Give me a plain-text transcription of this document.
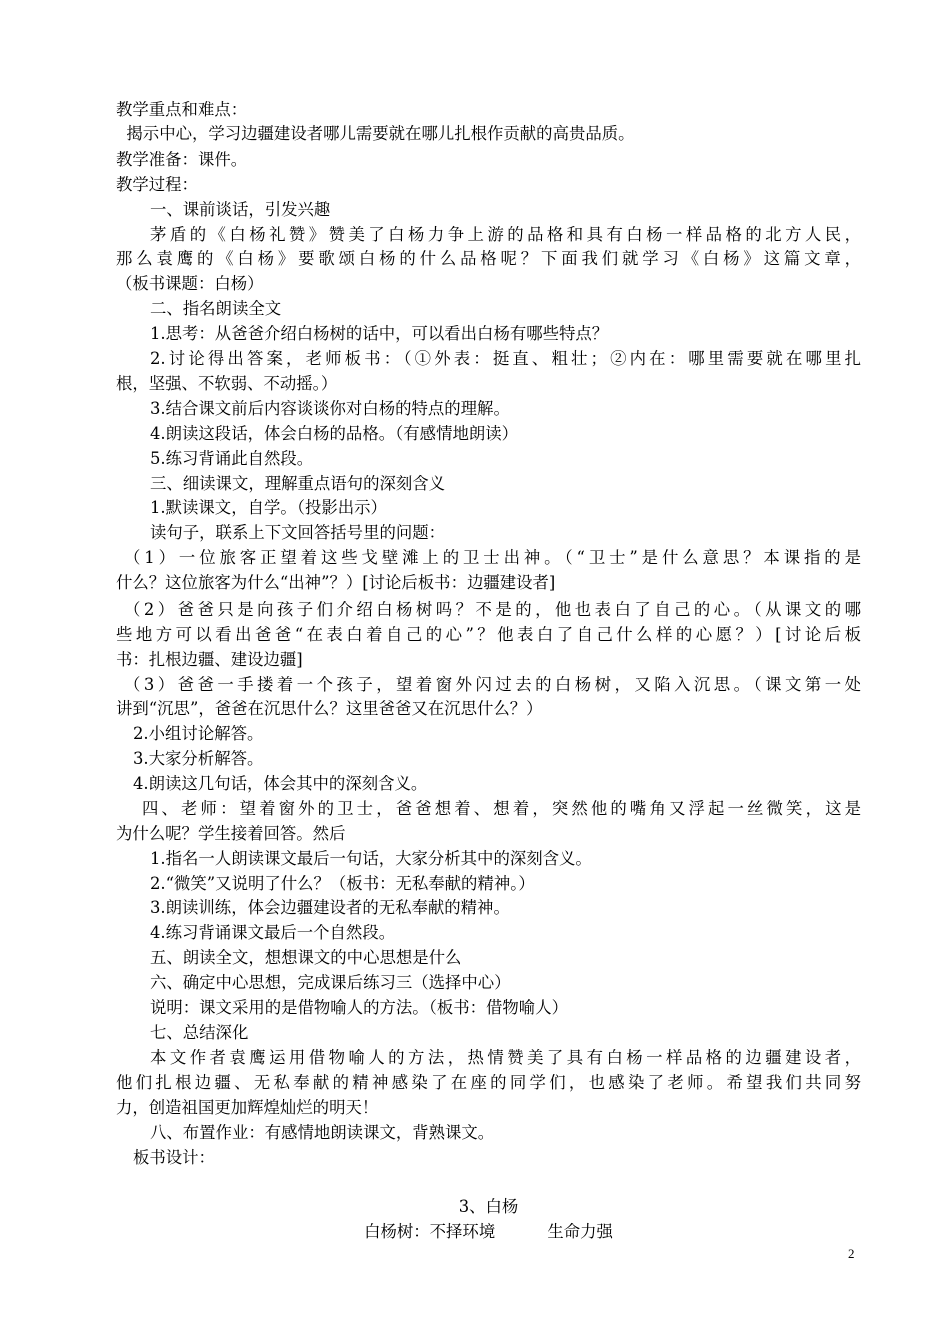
教学重点和难点：
揭示中心，学习边疆建设者哪儿需要就在哪儿扎根作贡献的高贵品质。
教学准备：课件。
教学过程：
一、课前谈话，引发兴趣
茅盾的《白杨礼赞》赞美了白杨力争上游的品格和具有白杨一样品格的北方人民，
那么袁鹰的《白杨》要歌颂白杨的什么品格呢？下面我们就学习《白杨》这篇文章，
（板书课题：白杨）
二、指名朗读全文
1.思考：从爸爸介绍白杨树的话中，可以看出白杨有哪些特点？
2.讨论得出答案，老师板书：（①外表：挺直、粗壮；②内在：哪里需要就在哪里扎
根，坚强、不软弱、不动摇。）
3.结合课文前后内容谈谈你对白杨的特点的理解。
4.朗读这段话，体会白杨的品格。（有感情地朗读）
5.练习背诵此自然段。
三、细读课文，理解重点语句的深刻含义
1.默读课文，自学。（投影出示）
读句子，联系上下文回答括号里的问题：
（1）一位旅客正望着这些戈壁滩上的卫士出神。（“卫士”是什么意思？本课指的是
什么？这位旅客为什么“出神”？）[讨论后板书：边疆建设者]
（2）爸爸只是向孩子们介绍白杨树吗？不是的，他也表白了自己的心。（从课文的哪
些地方可以看出爸爸“在表白着自己的心”？他表白了自己什么样的心愿？）[讨论后板
书：扎根边疆、建设边疆]
（3）爸爸一手搂着一个孩子，望着窗外闪过去的白杨树，又陷入沉思。（课文第一处
讲到“沉思”，爸爸在沉思什么？这里爸爸又在沉思什么？）
2.小组讨论解答。
3.大家分析解答。
4.朗读这几句话，体会其中的深刻含义。
四、老师：望着窗外的卫士，爸爸想着、想着，突然他的嘴角又浮起一丝微笑，这是
为什么呢？学生接着回答。然后
1.指名一人朗读课文最后一句话，大家分析其中的深刻含义。
2.“微笑”又说明了什么？（板书：无私奉献的精神。）
3.朗读训练，体会边疆建设者的无私奉献的精神。
4.练习背诵课文最后一个自然段。
五、朗读全文，想想课文的中心思想是什么
六、确定中心思想，完成课后练习三（选择中心）
说明：课文采用的是借物喻人的方法。（板书：借物喻人）
七、总结深化
本文作者袁鹰运用借物喻人的方法，热情赞美了具有白杨一样品格的边疆建设者，
他们扎根边疆、无私奉献的精神感染了在座的同学们，也感染了老师。希望我们共同努
力，创造祖国更加辉煌灿烂的明天！
八、布置作业：有感情地朗读课文，背熟课文。
板书设计：
3、白杨
白杨树：不择环境          生命力强
2
